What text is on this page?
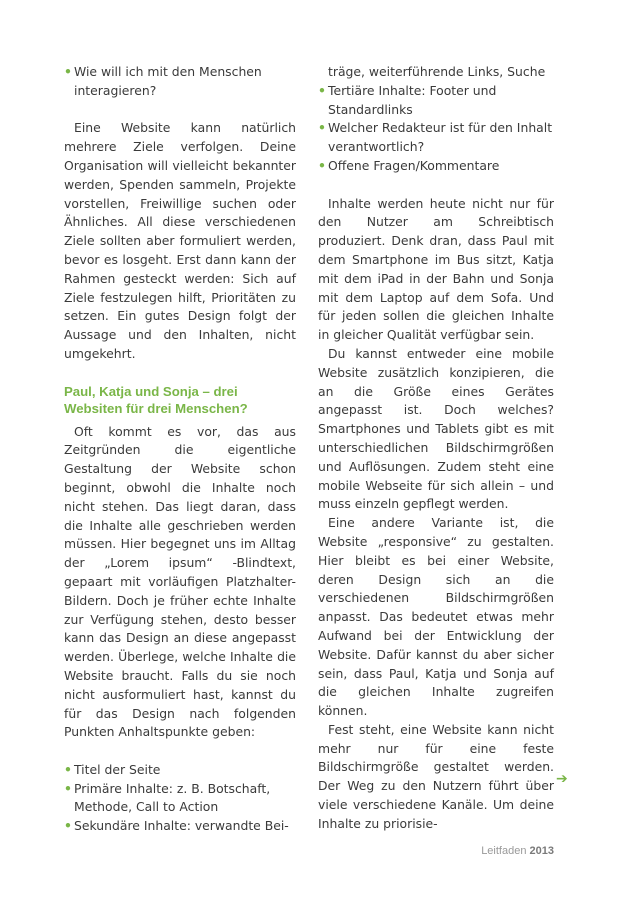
• Wie will ich mit den Menschen interagieren?

Eine Website kann natürlich mehrere Ziele verfolgen. Deine Organisation will vielleicht bekannter werden, Spenden sammeln, Projekte vorstellen, Freiwillige suchen oder Ähnliches. All diese verschiedenen Ziele sollten aber formuliert werden, bevor es losgeht. Erst dann kann der Rahmen gesteckt werden: Sich auf Ziele festzulegen hilft, Prioritäten zu setzen. Ein gutes Design folgt der Aussage und den Inhalten, nicht umgekehrt.

Paul, Katja und Sonja – drei Websiten für drei Menschen?

Oft kommt es vor, das aus Zeitgründen die eigentliche Gestaltung der Website schon beginnt, obwohl die Inhalte noch nicht stehen. Das liegt daran, dass die Inhalte alle geschrieben werden müssen. Hier begegnet uns im Alltag der „Lorem ipsum“ -Blindtext, gepaart mit vorläufigen Platzhalter-Bildern. Doch je früher echte Inhalte zur Verfügung stehen, desto besser kann das Design an diese angepasst werden. Überlege, welche Inhalte die Website braucht. Falls du sie noch nicht ausformuliert hast, kannst du für das Design nach folgenden Punkten Anhaltspunkte geben:

• Titel der Seite
• Primäre Inhalte: z. B. Botschaft, Methode, Call to Action
• Sekundäre Inhalte: verwandte Bei-
träge, weiterführende Links, Suche
• Tertiäre Inhalte: Footer und Standardlinks
• Welcher Redakteur ist für den Inhalt verantwortlich?
• Offene Fragen/Kommentare

Inhalte werden heute nicht nur für den Nutzer am Schreibtisch produziert. Denk dran, dass Paul mit dem Smartphone im Bus sitzt, Katja mit dem iPad in der Bahn und Sonja mit dem Laptop auf dem Sofa. Und für jeden sollen die gleichen Inhalte in gleicher Qualität verfügbar sein.

Du kannst entweder eine mobile Website zusätzlich konzipieren, die an die Größe eines Gerätes angepasst ist. Doch welches? Smartphones und Tablets gibt es mit unterschiedlichen Bildschirmgrößen und Auflösungen. Zudem steht eine mobile Webseite für sich allein – und muss einzeln gepflegt werden.

Eine andere Variante ist, die Website „responsive“ zu gestalten. Hier bleibt es bei einer Website, deren Design sich an die verschiedenen Bildschirmgrößen anpasst. Das bedeutet etwas mehr Aufwand bei der Entwicklung der Website. Dafür kannst du aber sicher sein, dass Paul, Katja und Sonja auf die gleichen Inhalte zugreifen können.

Fest steht, eine Website kann nicht mehr nur für eine feste Bildschirmgröße gestaltet werden. Der Weg zu den Nutzern führt über viele verschiedene Kanäle. Um deine Inhalte zu priorisie-

➔
Leitfaden 2013
